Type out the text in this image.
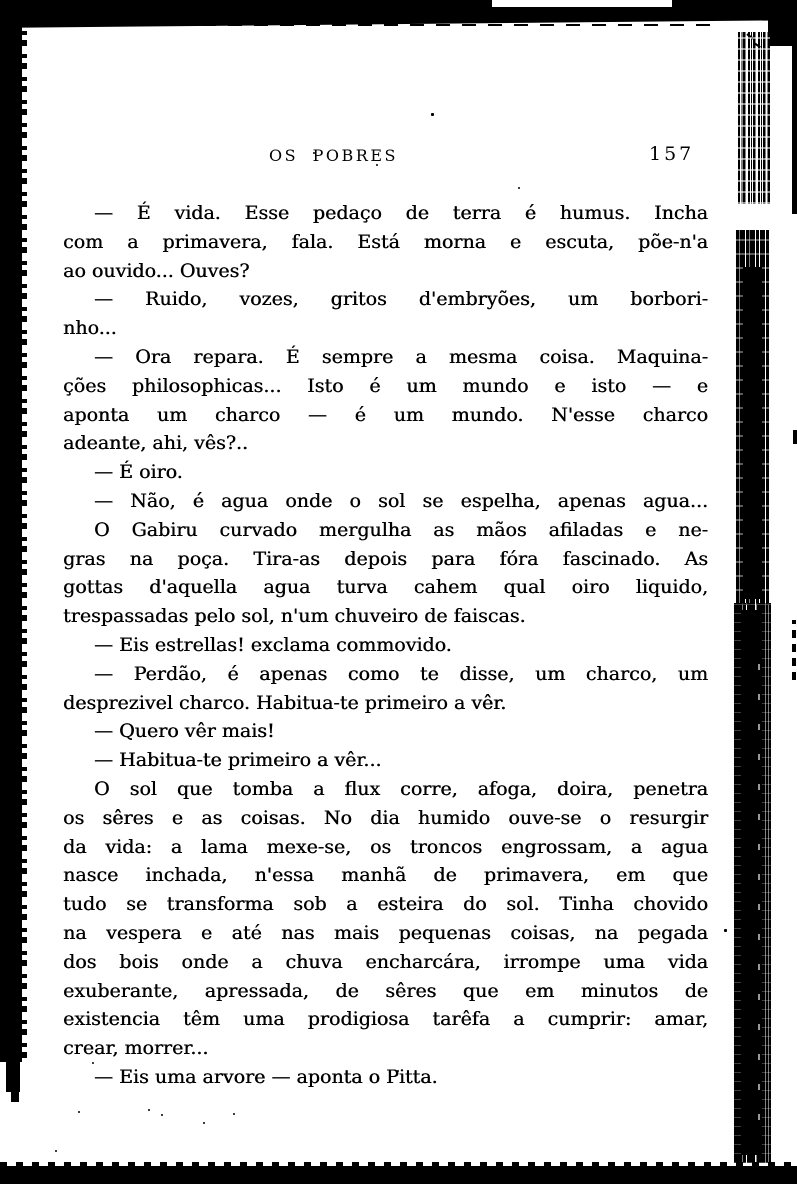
OS POBRES	157
— É vida. Esse pedaço de terra é humus. Incha
com a primavera, fala. Está morna e escuta, põe-n'a
ao ouvido... Ouves?
— Ruido, vozes, gritos d'embryões, um borbori-
nho...
— Ora repara. É sempre a mesma coisa. Maquina-
ções philosophicas... Isto é um mundo e isto — e
aponta um charco — é um mundo. N'esse charco
adeante, ahi, vês?..
— É oiro.
— Não, é agua onde o sol se espelha, apenas agua...
O Gabiru curvado mergulha as mãos afiladas e ne-
gras na poça. Tira-as depois para fóra fascinado. As
gottas d'aquella agua turva cahem qual oiro liquido,
trespassadas pelo sol, n'um chuveiro de faiscas.
— Eis estrellas! exclama commovido.
— Perdão, é apenas como te disse, um charco, um
desprezivel charco. Habitua-te primeiro a vêr.
— Quero vêr mais!
— Habitua-te primeiro a vêr...
O sol que tomba a flux corre, afoga, doira, penetra
os sêres e as coisas. No dia humido ouve-se o resurgir
da vida: a lama mexe-se, os troncos engrossam, a agua
nasce inchada, n'essa manhã de primavera, em que
tudo se transforma sob a esteira do sol. Tinha chovido
na vespera e até nas mais pequenas coisas, na pegada
dos bois onde a chuva encharcára, irrompe uma vida
exuberante, apressada, de sêres que em minutos de
existencia têm uma prodigiosa tarêfa a cumprir: amar,
crear, morrer...
— Eis uma arvore — aponta o Pitta.
